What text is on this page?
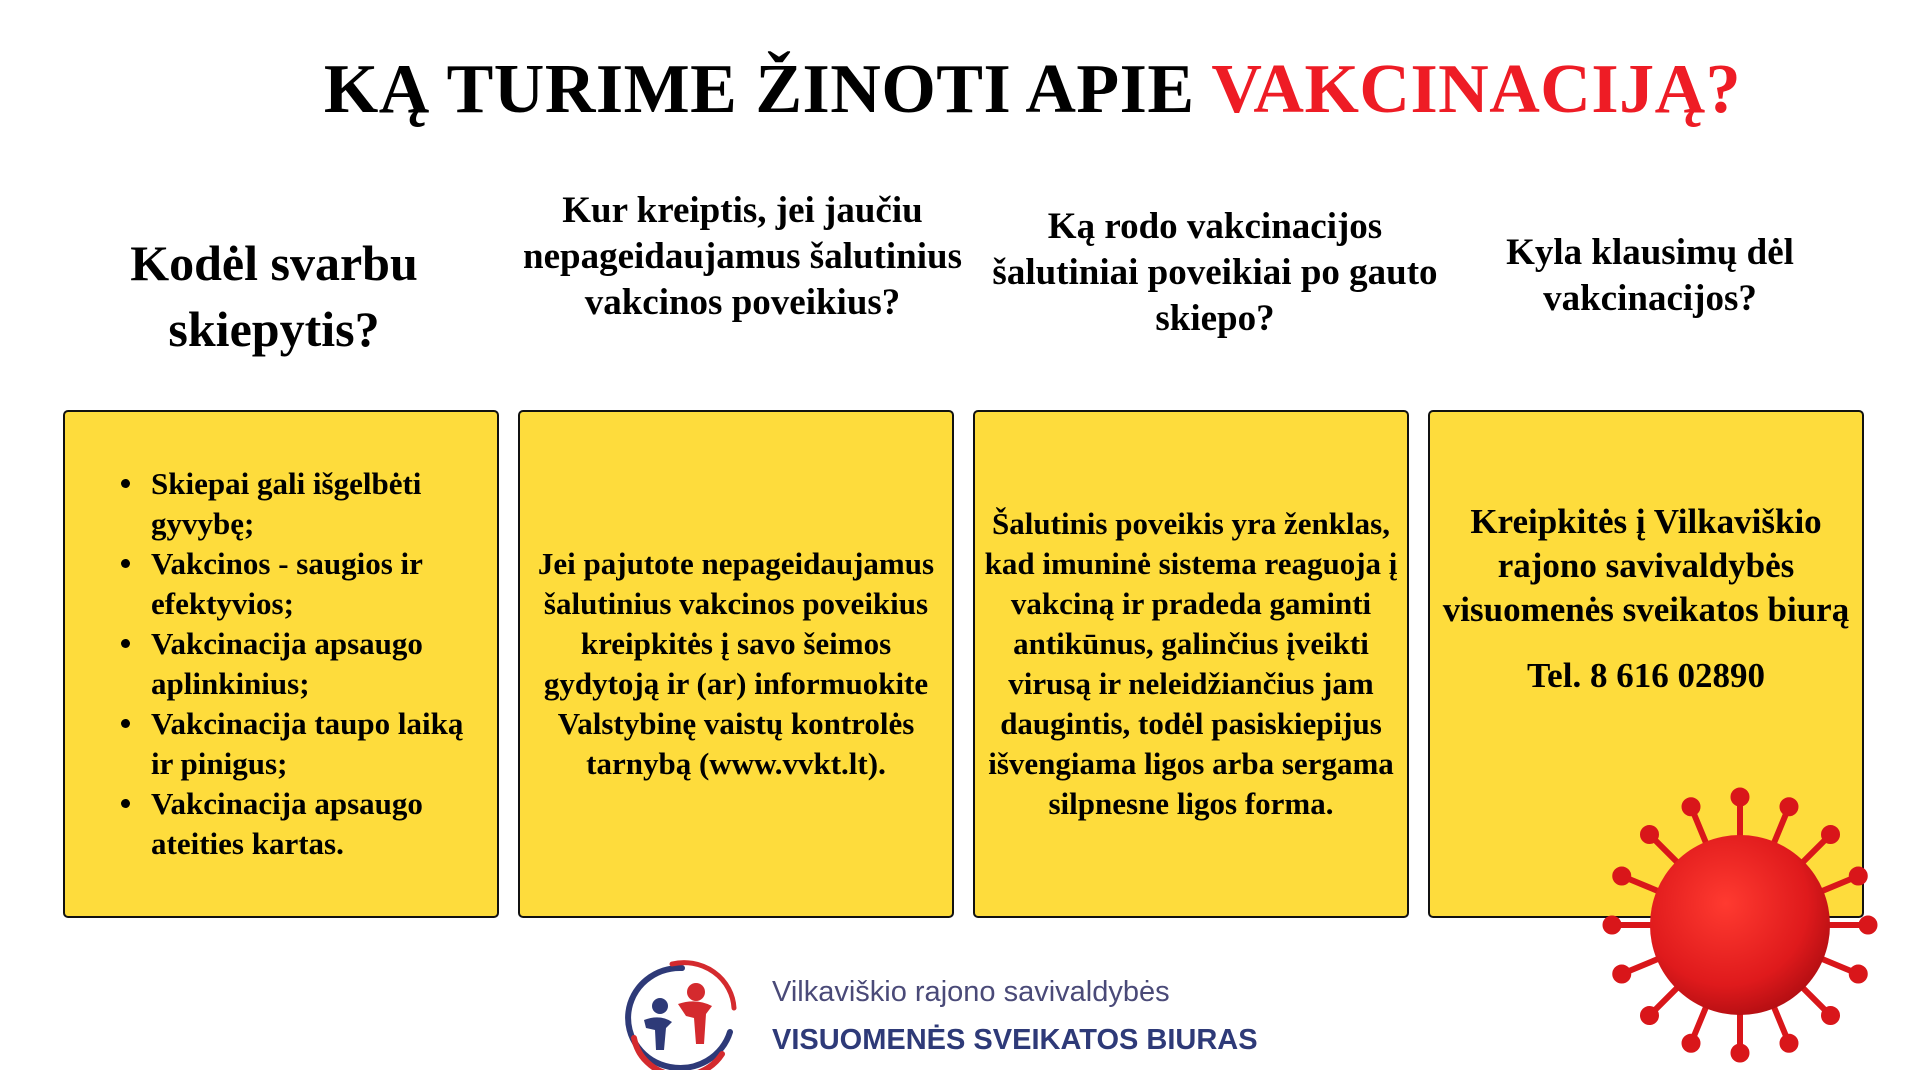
KĄ TURIME ŽINOTI APIE VAKCINACIJĄ?
Kodėl svarbu skiepytis?
Kur kreiptis, jei jaučiu nepageidaujamus šalutinius vakcinos poveikius?
Ką rodo vakcinacijos šalutiniai poveikiai po gauto skiepo?
Kyla klausimų dėl vakcinacijos?
Skiepai gali išgelbėti gyvybę;
Vakcinos - saugios ir efektyvios;
Vakcinacija apsaugo aplinkinius;
Vakcinacija taupo laiką ir pinigus;
Vakcinacija apsaugo ateities kartas.
Jei pajutote nepageidaujamus šalutinius vakcinos poveikius kreipkitės į savo šeimos gydytoją ir (ar) informuokite Valstybinę vaistų kontrolės tarnybą (www.vvkt.lt).
Šalutinis poveikis yra ženklas, kad imuninė sistema reaguoja į vakciną ir pradeda gaminti antikūnus, galinčius įveikti virusą ir neleidžiančius jam daugintis, todėl pasiskiepijus išvengiama ligos arba sergama silpnesne ligos forma.
Kreipkitės į Vilkaviškio rajono savivaldybės visuomenės sveikatos biurą
Tel. 8 616 02890
Vilkaviškio rajono savivaldybės
VISUOMENĖS SVEIKATOS BIURAS
